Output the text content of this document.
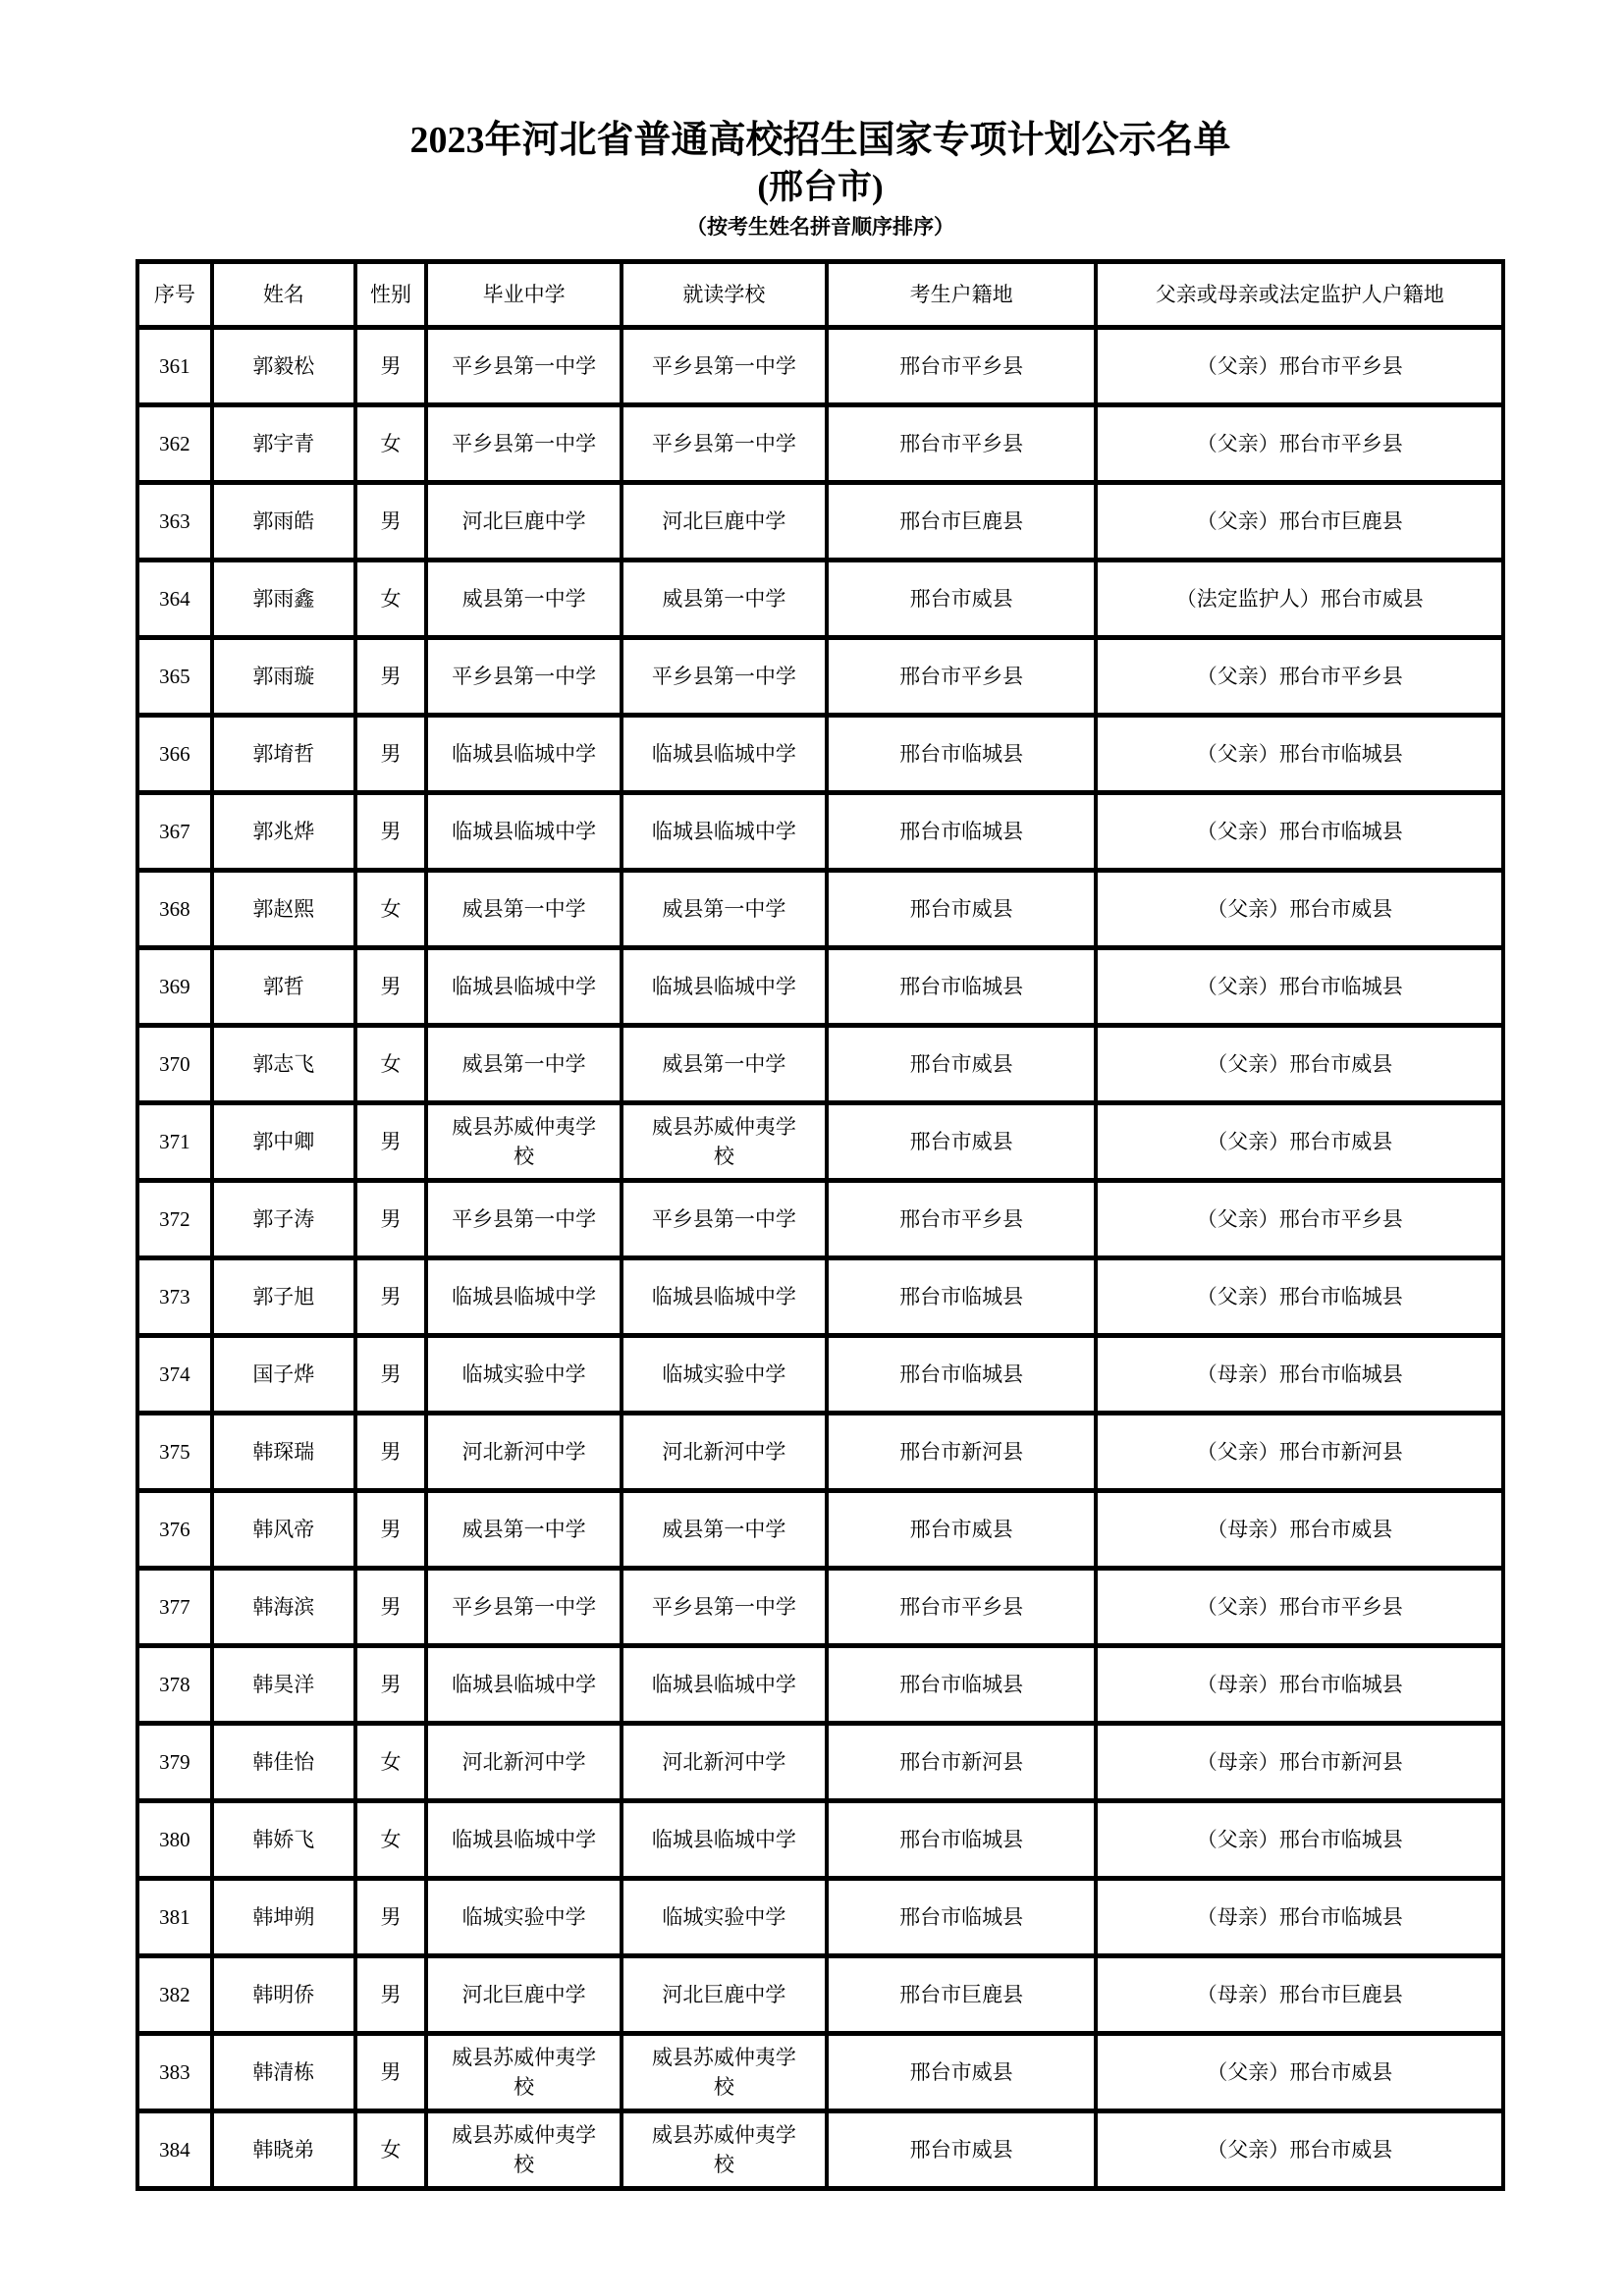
2023年河北省普通高校招生国家专项计划公示名单
(邢台市)
（按考生姓名拼音顺序排序）
序号	姓名	性别	毕业中学	就读学校	考生户籍地	父亲或母亲或法定监护人户籍地
361	郭毅松	男	平乡县第一中学	平乡县第一中学	邢台市平乡县	（父亲）邢台市平乡县
362	郭宇青	女	平乡县第一中学	平乡县第一中学	邢台市平乡县	（父亲）邢台市平乡县
363	郭雨皓	男	河北巨鹿中学	河北巨鹿中学	邢台市巨鹿县	（父亲）邢台市巨鹿县
364	郭雨鑫	女	威县第一中学	威县第一中学	邢台市威县	（法定监护人）邢台市威县
365	郭雨璇	男	平乡县第一中学	平乡县第一中学	邢台市平乡县	（父亲）邢台市平乡县
366	郭堉哲	男	临城县临城中学	临城县临城中学	邢台市临城县	（父亲）邢台市临城县
367	郭兆烨	男	临城县临城中学	临城县临城中学	邢台市临城县	（父亲）邢台市临城县
368	郭赵熙	女	威县第一中学	威县第一中学	邢台市威县	（父亲）邢台市威县
369	郭哲	男	临城县临城中学	临城县临城中学	邢台市临城县	（父亲）邢台市临城县
370	郭志飞	女	威县第一中学	威县第一中学	邢台市威县	（父亲）邢台市威县
371	郭中卿	男	威县苏威仲夷学校	威县苏威仲夷学校	邢台市威县	（父亲）邢台市威县
372	郭子涛	男	平乡县第一中学	平乡县第一中学	邢台市平乡县	（父亲）邢台市平乡县
373	郭子旭	男	临城县临城中学	临城县临城中学	邢台市临城县	（父亲）邢台市临城县
374	国子烨	男	临城实验中学	临城实验中学	邢台市临城县	（母亲）邢台市临城县
375	韩琛瑞	男	河北新河中学	河北新河中学	邢台市新河县	（父亲）邢台市新河县
376	韩风帝	男	威县第一中学	威县第一中学	邢台市威县	（母亲）邢台市威县
377	韩海滨	男	平乡县第一中学	平乡县第一中学	邢台市平乡县	（父亲）邢台市平乡县
378	韩昊洋	男	临城县临城中学	临城县临城中学	邢台市临城县	（母亲）邢台市临城县
379	韩佳怡	女	河北新河中学	河北新河中学	邢台市新河县	（母亲）邢台市新河县
380	韩娇飞	女	临城县临城中学	临城县临城中学	邢台市临城县	（父亲）邢台市临城县
381	韩坤朔	男	临城实验中学	临城实验中学	邢台市临城县	（母亲）邢台市临城县
382	韩明侨	男	河北巨鹿中学	河北巨鹿中学	邢台市巨鹿县	（母亲）邢台市巨鹿县
383	韩清栋	男	威县苏威仲夷学校	威县苏威仲夷学校	邢台市威县	（父亲）邢台市威县
384	韩晓弟	女	威县苏威仲夷学校	威县苏威仲夷学校	邢台市威县	（父亲）邢台市威县
